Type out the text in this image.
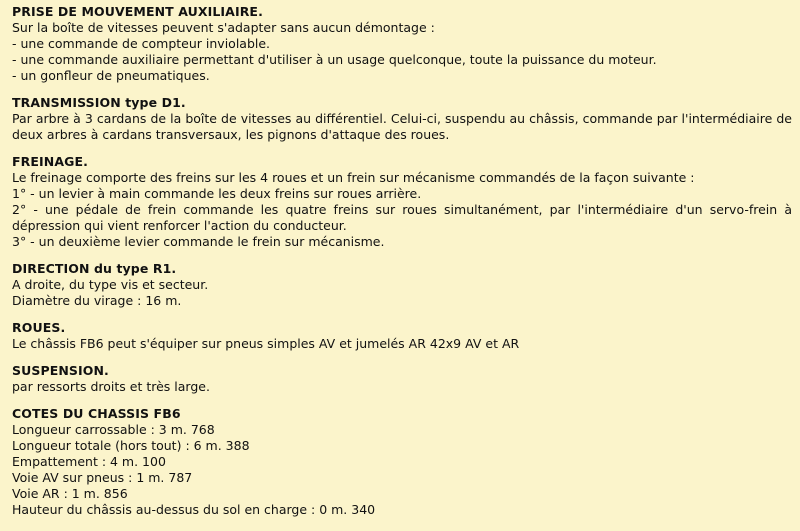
PRISE DE MOUVEMENT AUXILIAIRE.
Sur la boîte de vitesses peuvent s'adapter sans aucun démontage :
- une commande de compteur inviolable.
- une commande auxiliaire permettant d'utiliser à un usage quelconque, toute la puissance du moteur.
- un gonfleur de pneumatiques.
TRANSMISSION type D1.
Par arbre à 3 cardans de la boîte de vitesses au différentiel. Celui-ci, suspendu au châssis, commande par l'intermédiaire de deux arbres à cardans transversaux, les pignons d'attaque des roues.
FREINAGE.
Le freinage comporte des freins sur les 4 roues et un frein sur mécanisme commandés de la façon suivante :
1° - un levier à main commande les deux freins sur roues arrière.
2° - une pédale de frein commande les quatre freins sur roues simultanément, par l'intermédiaire d'un servo-frein à dépression qui vient renforcer l'action du conducteur.
3° - un deuxième levier commande le frein sur mécanisme.
DIRECTION du type R1.
A droite, du type vis et secteur.
Diamètre du virage : 16 m.
ROUES.
Le châssis FB6 peut s'équiper sur pneus simples AV et jumelés AR 42x9 AV et AR
SUSPENSION.
par ressorts droits et très large.
COTES DU CHASSIS FB6
Longueur carrossable : 3 m. 768
Longueur totale (hors tout) : 6 m. 388
Empattement : 4 m. 100
Voie AV sur pneus : 1 m. 787
Voie AR : 1 m. 856
Hauteur du châssis au-dessus du sol en charge : 0 m. 340
